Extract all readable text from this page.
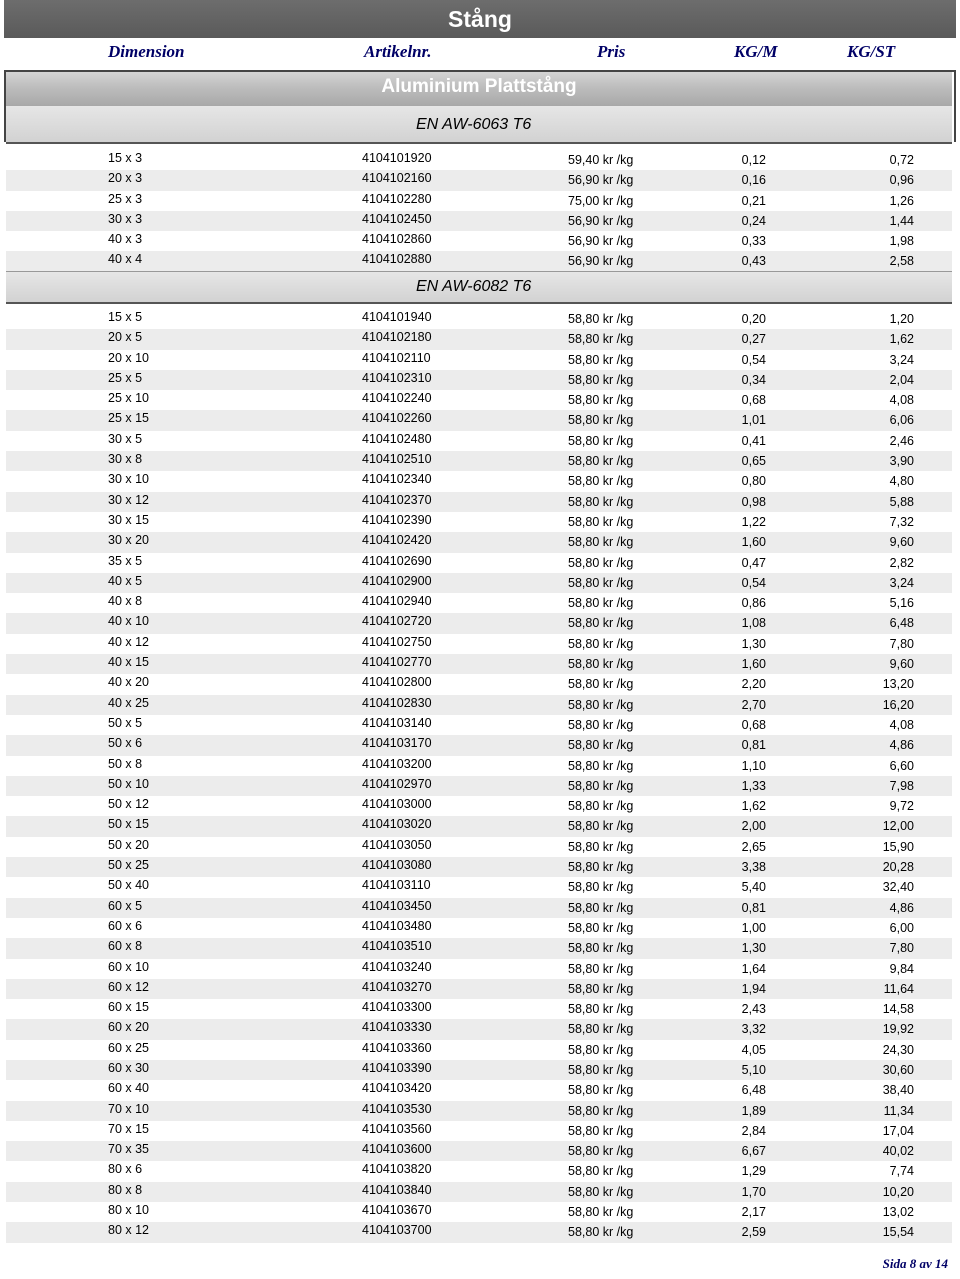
Stång
Dimension	Artikelnr.	Pris	KG/M	KG/ST
Aluminium Plattstång
EN AW-6063 T6
15 x 3	4104101920	59,40 kr /kg	0,12	0,72
20 x 3	4104102160	56,90 kr /kg	0,16	0,96
25 x 3	4104102280	75,00 kr /kg	0,21	1,26
30 x 3	4104102450	56,90 kr /kg	0,24	1,44
40 x 3	4104102860	56,90 kr /kg	0,33	1,98
40 x 4	4104102880	56,90 kr /kg	0,43	2,58
EN AW-6082 T6
15 x 5	4104101940	58,80 kr /kg	0,20	1,20
20 x 5	4104102180	58,80 kr /kg	0,27	1,62
20 x 10	4104102110	58,80 kr /kg	0,54	3,24
25 x 5	4104102310	58,80 kr /kg	0,34	2,04
25 x 10	4104102240	58,80 kr /kg	0,68	4,08
25 x 15	4104102260	58,80 kr /kg	1,01	6,06
30 x 5	4104102480	58,80 kr /kg	0,41	2,46
30 x 8	4104102510	58,80 kr /kg	0,65	3,90
30 x 10	4104102340	58,80 kr /kg	0,80	4,80
30 x 12	4104102370	58,80 kr /kg	0,98	5,88
30 x 15	4104102390	58,80 kr /kg	1,22	7,32
30 x 20	4104102420	58,80 kr /kg	1,60	9,60
35 x 5	4104102690	58,80 kr /kg	0,47	2,82
40 x 5	4104102900	58,80 kr /kg	0,54	3,24
40 x 8	4104102940	58,80 kr /kg	0,86	5,16
40 x 10	4104102720	58,80 kr /kg	1,08	6,48
40 x 12	4104102750	58,80 kr /kg	1,30	7,80
40 x 15	4104102770	58,80 kr /kg	1,60	9,60
40 x 20	4104102800	58,80 kr /kg	2,20	13,20
40 x 25	4104102830	58,80 kr /kg	2,70	16,20
50 x 5	4104103140	58,80 kr /kg	0,68	4,08
50 x 6	4104103170	58,80 kr /kg	0,81	4,86
50 x 8	4104103200	58,80 kr /kg	1,10	6,60
50 x 10	4104102970	58,80 kr /kg	1,33	7,98
50 x 12	4104103000	58,80 kr /kg	1,62	9,72
50 x 15	4104103020	58,80 kr /kg	2,00	12,00
50 x 20	4104103050	58,80 kr /kg	2,65	15,90
50 x 25	4104103080	58,80 kr /kg	3,38	20,28
50 x 40	4104103110	58,80 kr /kg	5,40	32,40
60 x 5	4104103450	58,80 kr /kg	0,81	4,86
60 x 6	4104103480	58,80 kr /kg	1,00	6,00
60 x 8	4104103510	58,80 kr /kg	1,30	7,80
60 x 10	4104103240	58,80 kr /kg	1,64	9,84
60 x 12	4104103270	58,80 kr /kg	1,94	11,64
60 x 15	4104103300	58,80 kr /kg	2,43	14,58
60 x 20	4104103330	58,80 kr /kg	3,32	19,92
60 x 25	4104103360	58,80 kr /kg	4,05	24,30
60 x 30	4104103390	58,80 kr /kg	5,10	30,60
60 x 40	4104103420	58,80 kr /kg	6,48	38,40
70 x 10	4104103530	58,80 kr /kg	1,89	11,34
70 x 15	4104103560	58,80 kr /kg	2,84	17,04
70 x 35	4104103600	58,80 kr /kg	6,67	40,02
80 x 6	4104103820	58,80 kr /kg	1,29	7,74
80 x 8	4104103840	58,80 kr /kg	1,70	10,20
80 x 10	4104103670	58,80 kr /kg	2,17	13,02
80 x 12	4104103700	58,80 kr /kg	2,59	15,54
Sida 8 av 14
